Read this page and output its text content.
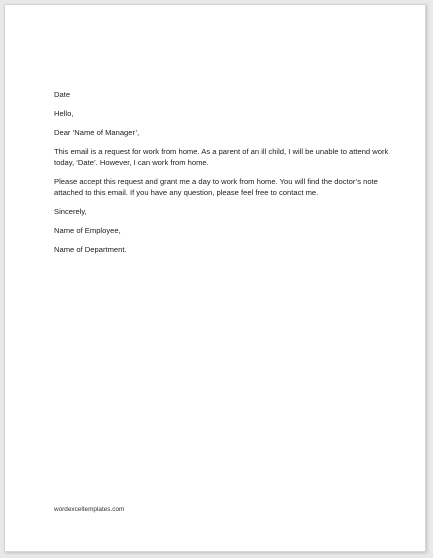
Date

Hello,

Dear ‘Name of Manager’,

This email is a request for work from home. As a parent of an ill child, I will be unable to attend work today, ‘Date’. However, I can work from home.

Please accept this request and grant me a day to work from home. You will find the doctor’s note attached to this email. If you have any question, please feel free to contact me.

Sincerely,

Name of Employee,

Name of Department.

wordexceltemplates.com
